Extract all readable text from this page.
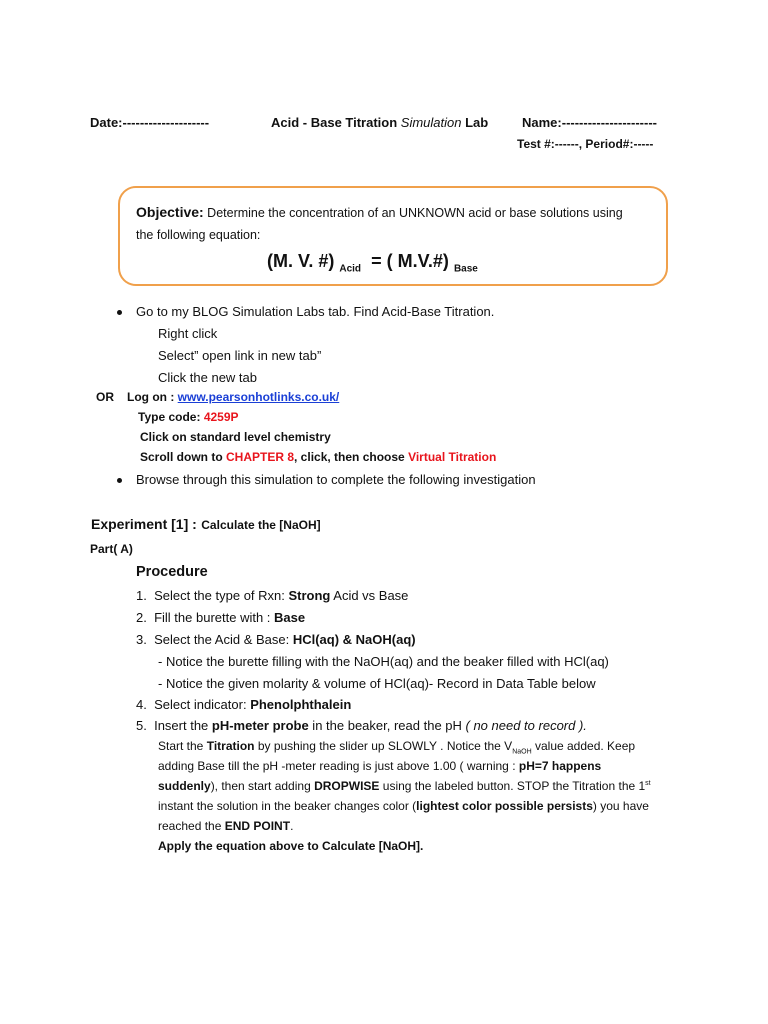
Date:--------------------	Acid - Base Titration Simulation Lab	Name:----------------------
Test #:------, Period#:-----
Objective: Determine the concentration of an UNKNOWN acid or base solutions using
the following equation:
(M. V. #) $_{Acid}$ = ( M.V.#) $_{Base}$
Go to my BLOG Simulation Labs tab. Find Acid-Base Titration.
Right click
Select” open link in new tab”
Click the new tab
OR Log on : www.pearsonhotlinks.co.uk/
Type code: 4259P
Click on standard level chemistry
Scroll down to CHAPTER 8, click, then choose Virtual Titration
Browse through this simulation to complete the following investigation
Experiment [1] : Calculate the [NaOH]
Part( A)
Procedure
1. Select the type of Rxn: Strong Acid vs Base
2. Fill the burette with : Base
3. Select the Acid & Base: HCl(aq) & NaOH(aq)
- Notice the burette filling with the NaOH(aq) and the beaker filled with HCl(aq)
- Notice the given molarity & volume of HCl(aq)- Record in Data Table below
4. Select indicator: Phenolphthalein
5. Insert the pH-meter probe in the beaker, read the pH ( no need to record ).
Start the Titration by pushing the slider up SLOWLY . Notice the $V_{NaOH}$ value added. Keep
adding Base till the pH -meter reading is just above 1.00 ( warning : pH=7 happens
suddenly), then start adding DROPWISE using the labeled button. STOP the Titration the 1st
instant the solution in the beaker changes color (lightest color possible persists) you have
reached the END POINT.
Apply the equation above to Calculate [NaOH].
